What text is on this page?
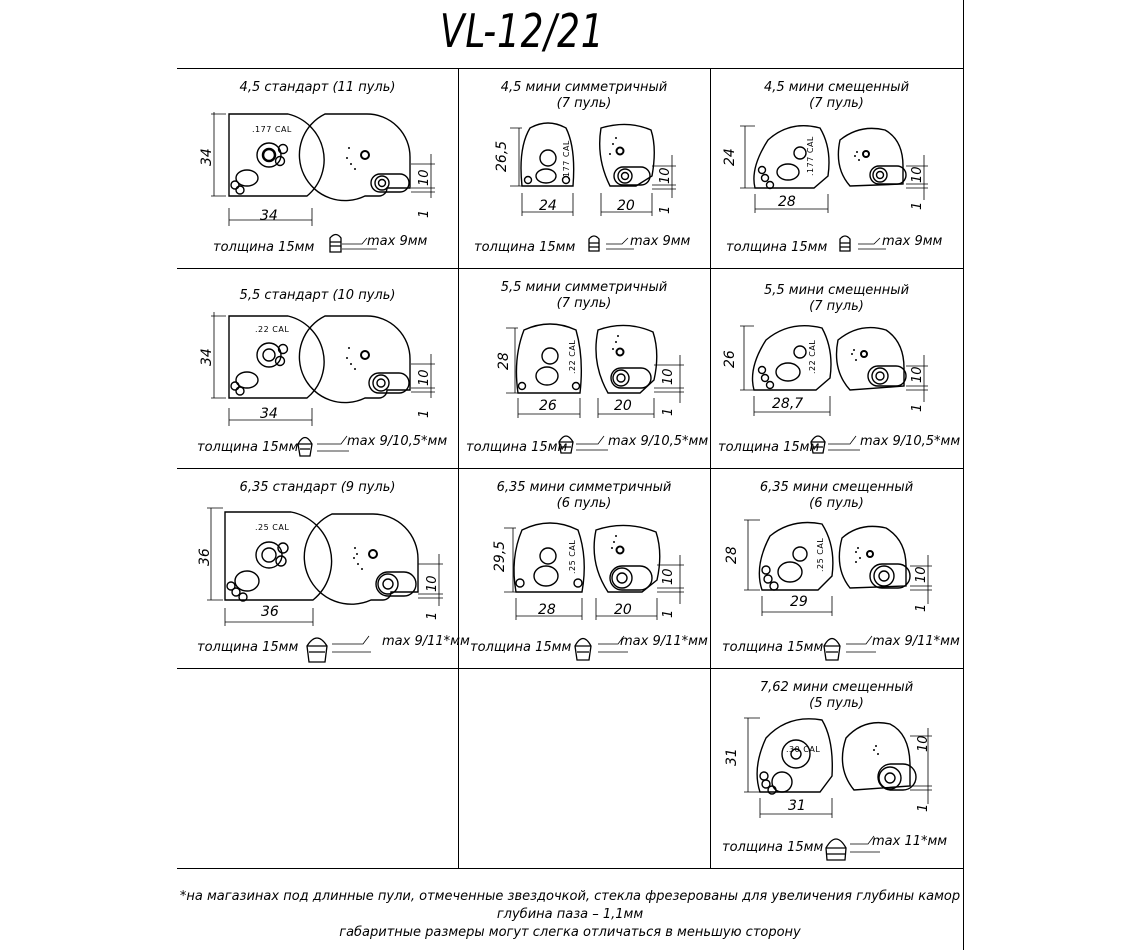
VL-12/21
4,5 стандарт (11 пуль)
34
34
.177 CAL
10
1
толщина 15мм	max 9мм
4,5 мини симметричный
(7 пуль)
26,5
24	20
.177 CAL	10
1
толщина 15мм	max 9мм
4,5 мини смещенный
(7 пуль)
24
28
.177 CAL	10
1
толщина 15мм	max 9мм
5,5 стандарт (10 пуль)
34
34
.22 CAL
10
1
толщина 15мм	max 9/10,5*мм
5,5 мини симметричный
(7 пуль)
28
26	20
.22 CAL
10
1
толщина 15мм	max 9/10,5*мм
5,5 мини смещенный
(7 пуль)
26
28,7
.22 CAL
10
1
толщина 15мм	max 9/10,5*мм
6,35 стандарт (9 пуль)
36
36
.25 CAL
10
1
толщина 15мм	max 9/11*мм
6,35 мини симметричный
(6 пуль)
29,5
28	20
.25 CAL
10
1
толщина 15мм	max 9/11*мм
6,35 мини смещенный
(6 пуль)
28
29
.25 CAL
10
1
толщина 15мм	max 9/11*мм
7,62 мини смещенный
(5 пуль)
31
31
.30 CAL	10
1
толщина 15мм	max 11*мм
*на магазинах под длинные пули, отмеченные звездочкой, стекла фрезерованы для увеличения глубины камор
глубина паза – 1,1мм
габаритные размеры могут слегка отличаться в меньшую сторону
